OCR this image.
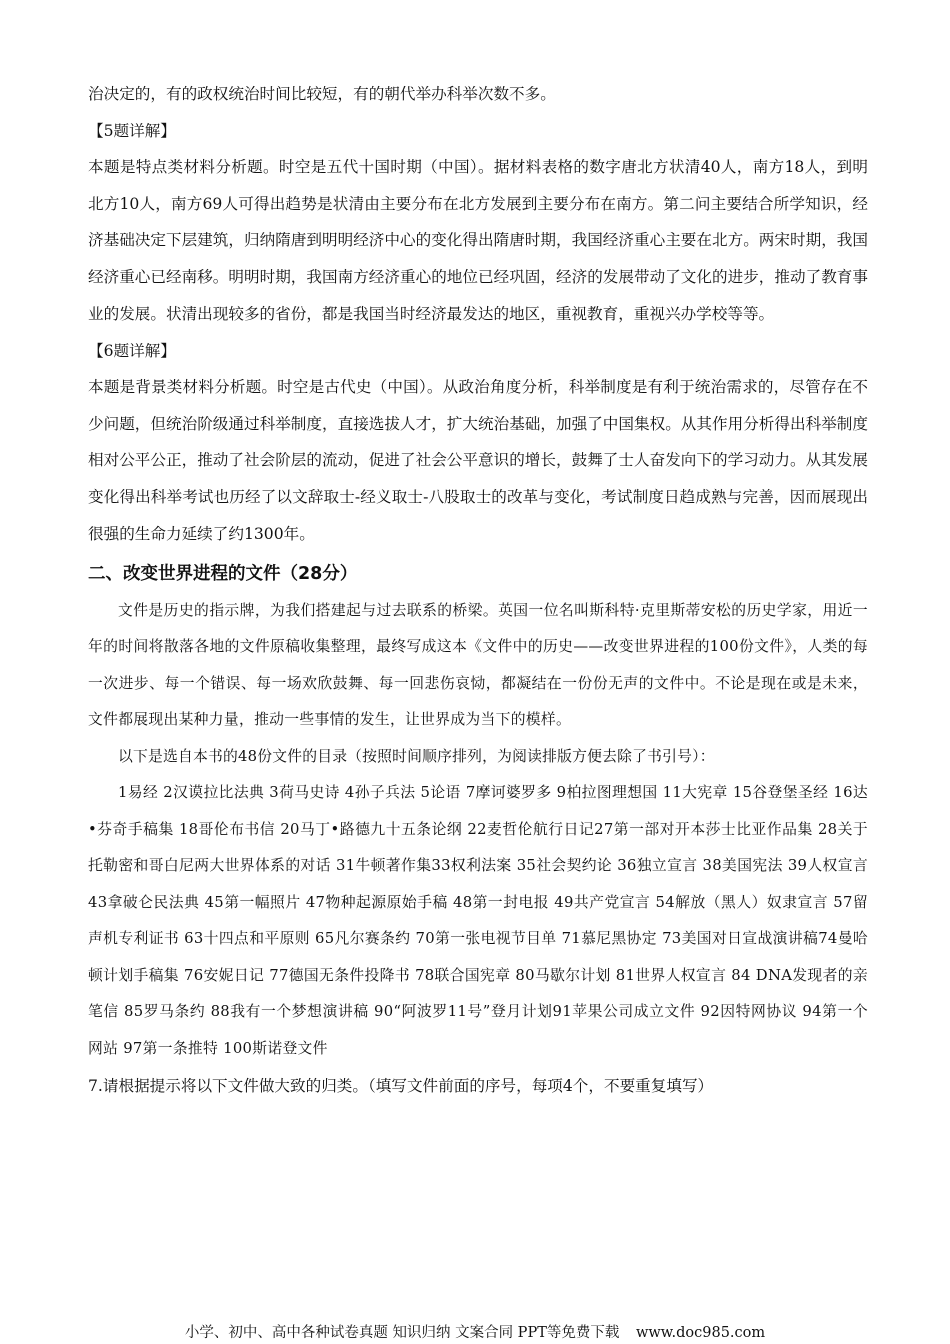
治决定的，有的政权统治时间比较短，有的朝代举办科举次数不多。

【5题详解】

本题是特点类材料分析题。时空是五代十国时期（中国）。据材料表格的数字唐北方状清40人，南方18人，到明北方10人，南方69人可得出趋势是状清由主要分布在北方发展到主要分布在南方。第二问主要结合所学知识，经济基础决定下层建筑，归纳隋唐到明明经济中心的变化得出隋唐时期，我国经济重心主要在北方。两宋时期，我国经济重心已经南移。明明时期，我国南方经济重心的地位已经巩固，经济的发展带动了文化的进步，推动了教育事业的发展。状清出现较多的省份，都是我国当时经济最发达的地区，重视教育，重视兴办学校等等。

【6题详解】

本题是背景类材料分析题。时空是古代史（中国）。从政治角度分析，科举制度是有利于统治需求的，尽管存在不少问题，但统治阶级通过科举制度，直接选拔人才，扩大统治基础，加强了中国集权。从其作用分析得出科举制度相对公平公正，推动了社会阶层的流动，促进了社会公平意识的增长，鼓舞了士人奋发向下的学习动力。从其发展变化得出科举考试也历经了以文辞取士-经义取士-八股取士的改革与变化，考试制度日趋成熟与完善，因而展现出很强的生命力延续了约1300年。

二、改变世界进程的文件（28分）

文件是历史的指示牌，为我们搭建起与过去联系的桥梁。英国一位名叫斯科特·克里斯蒂安松的历史学家，用近一年的时间将散落各地的文件原稿收集整理，最终写成这本《文件中的历史——改变世界进程的100份文件》，人类的每一次进步、每一个错误、每一场欢欣鼓舞、每一回悲伤哀恸，都凝结在一份份无声的文件中。不论是现在或是未来，文件都展现出某种力量，推动一些事情的发生，让世界成为当下的模样。

以下是选自本书的48份文件的目录（按照时间顺序排列，为阅读排版方便去除了书引号）：

1易经 2汉谟拉比法典 3荷马史诗 4孙子兵法 5论语 7摩诃婆罗多 9柏拉图理想国 11大宪章 15谷登堡圣经 16达•芬奇手稿集 18哥伦布书信 20马丁•路德九十五条论纲 22麦哲伦航行日记27第一部对开本莎士比亚作品集 28关于托勒密和哥白尼两大世界体系的对话 31牛顿著作集33权利法案 35社会契约论 36独立宣言 38美国宪法 39人权宣言 43拿破仑民法典 45第一幅照片 47物种起源原始手稿 48第一封电报 49共产党宣言 54解放（黑人）奴隶宣言 57留声机专利证书 63十四点和平原则 65凡尔赛条约 70第一张电视节目单 71慕尼黑协定 73美国对日宣战演讲稿74曼哈顿计划手稿集 76安妮日记 77德国无条件投降书 78联合国宪章 80马歇尔计划 81世界人权宣言 84 DNA发现者的亲笔信 85罗马条约 88我有一个梦想演讲稿 90“阿波罗11号”登月计划91苹果公司成立文件 92因特网协议 94第一个网站 97第一条推特 100斯诺登文件

7.请根据提示将以下文件做大致的归类。（填写文件前面的序号，每项4个，不要重复填写）

小学、初中、高中各种试卷真题 知识归纳 文案合同 PPT等免费下载 www.doc985.com
